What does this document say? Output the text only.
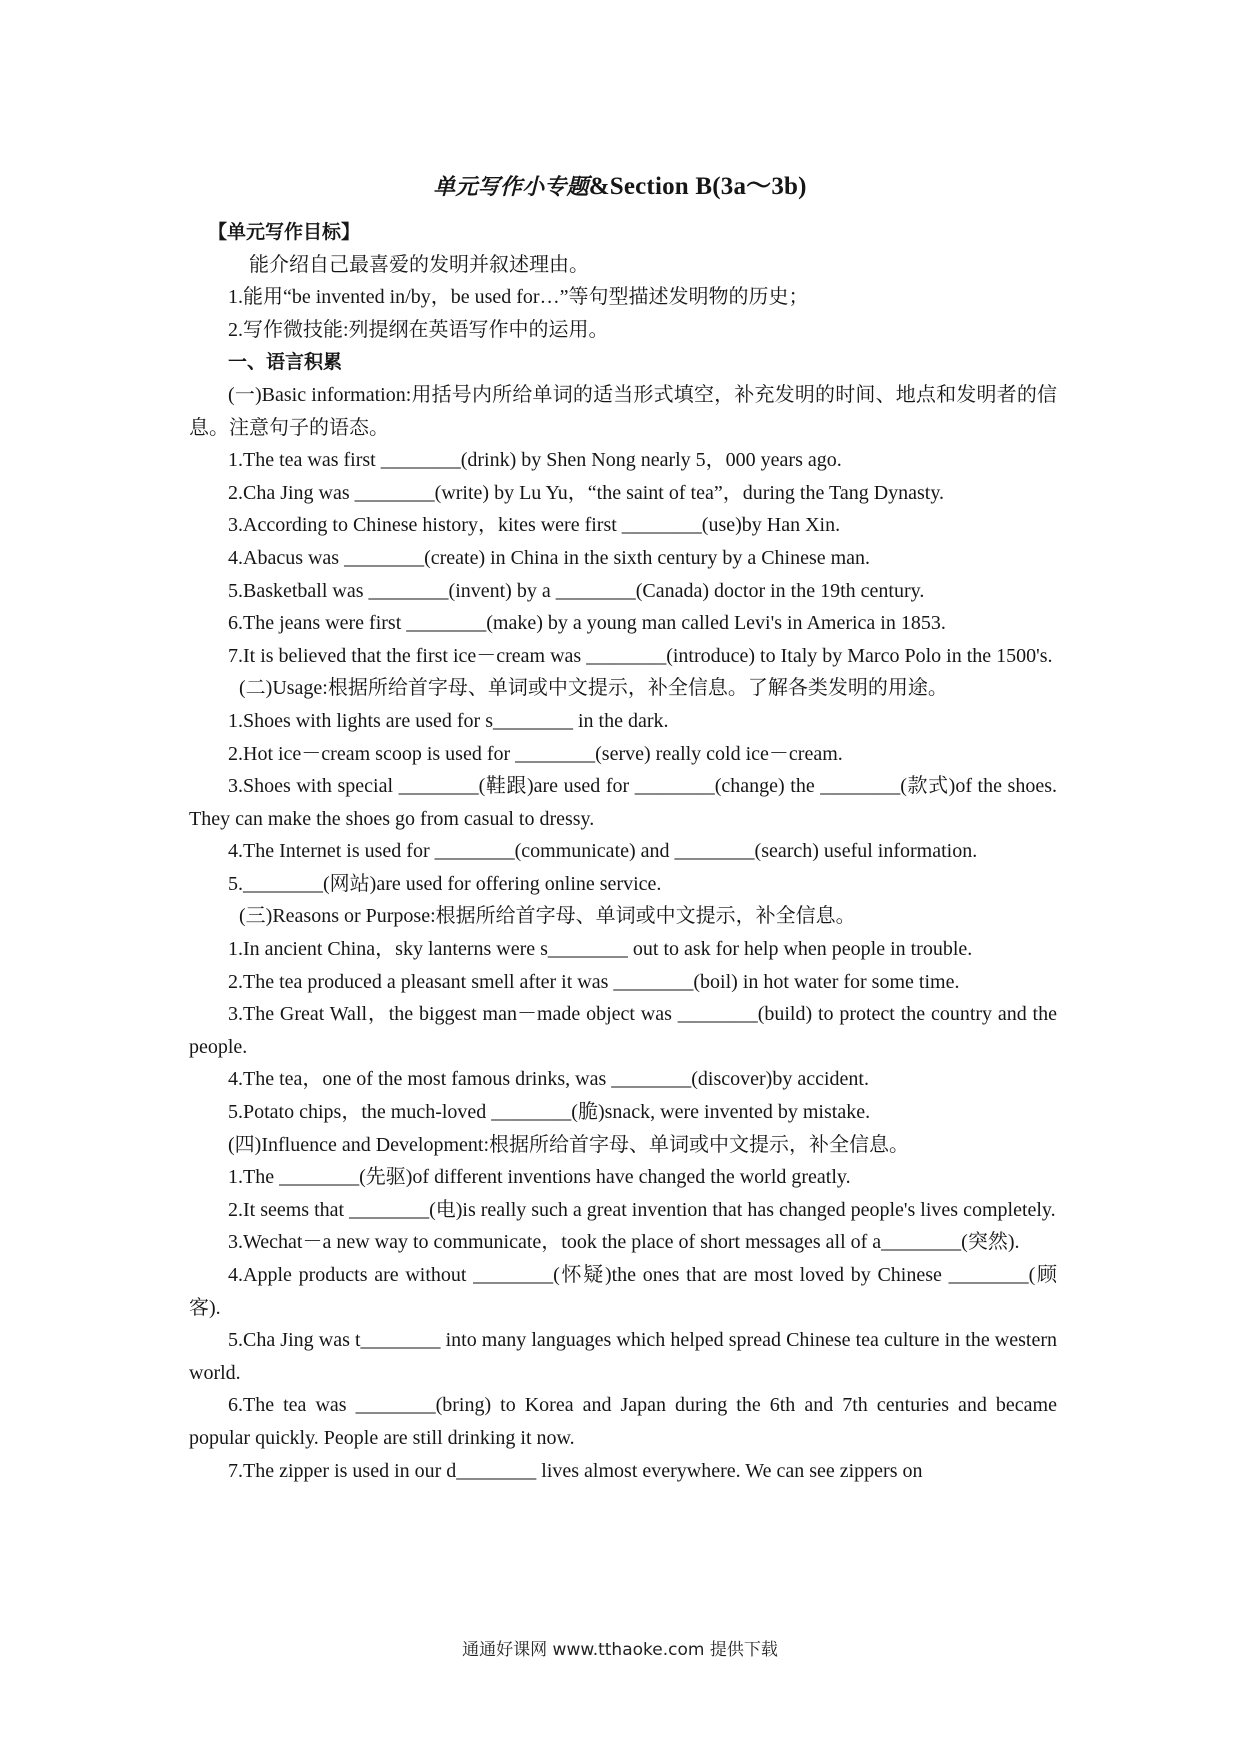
单元写作小专题&Section B(3a～3b)

【单元写作目标】

能介绍自己最喜爱的发明并叙述理由。

1.能用“be invented in/by，be used for…”等句型描述发明物的历史；

2.写作微技能:列提纲在英语写作中的运用。

一、语言积累

(一)Basic information:用括号内所给单词的适当形式填空，补充发明的时间、地点和发明者的信息。注意句子的语态。

1.The tea was first ________(drink) by Shen Nong nearly 5，000 years ago.

2.Cha Jing was ________(write) by Lu Yu，“the saint of tea”，during the Tang Dynasty.

3.According to Chinese history，kites were first ________(use)by Han Xin.

4.Abacus was ________(create) in China in the sixth century by a Chinese man.

5.Basketball was ________(invent) by a ________(Canada) doctor in the 19th century.

6.The jeans were first ________(make) by a young man called Levi's in America in 1853.

7.It is believed that the first ice－cream was ________(introduce) to Italy by Marco Polo in the 1500's.

(二)Usage:根据所给首字母、单词或中文提示，补全信息。了解各类发明的用途。

1.Shoes with lights are used for s________ in the dark.

2.Hot ice－cream scoop is used for ________(serve) really cold ice－cream.

3.Shoes with special ________(鞋跟)are used for ________(change) the ________(款式)of the shoes. They can make the shoes go from casual to dressy.

4.The Internet is used for ________(communicate) and ________(search) useful information.

5.________(网站)are used for offering online service.

(三)Reasons or Purpose:根据所给首字母、单词或中文提示，补全信息。

1.In ancient China，sky lanterns were s________ out to ask for help when people in trouble.

2.The tea produced a pleasant smell after it was ________(boil) in hot water for some time.

3.The Great Wall，the biggest man－made object was ________(build) to protect the country and the people.

4.The tea，one of the most famous drinks, was ________(discover)by accident.

5.Potato chips，the much-loved ________(脆)snack, were invented by mistake.

(四)Influence and Development:根据所给首字母、单词或中文提示，补全信息。

1.The ________(先驱)of different inventions have changed the world greatly.

2.It seems that ________(电)is really such a great invention that has changed people's lives completely.

3.Wechat－a new way to communicate，took the place of short messages all of a________(突然).

4.Apple products are without ________(怀疑)the ones that are most loved by Chinese ________(顾客).

5.Cha Jing was t________ into many languages which helped spread Chinese tea culture in the western world.

6.The tea was ________(bring) to Korea and Japan during the 6th and 7th centuries and became popular quickly. People are still drinking it now.

7.The zipper is used in our d________ lives almost everywhere. We can see zippers on

通通好课网 www.tthaoke.com 提供下载
